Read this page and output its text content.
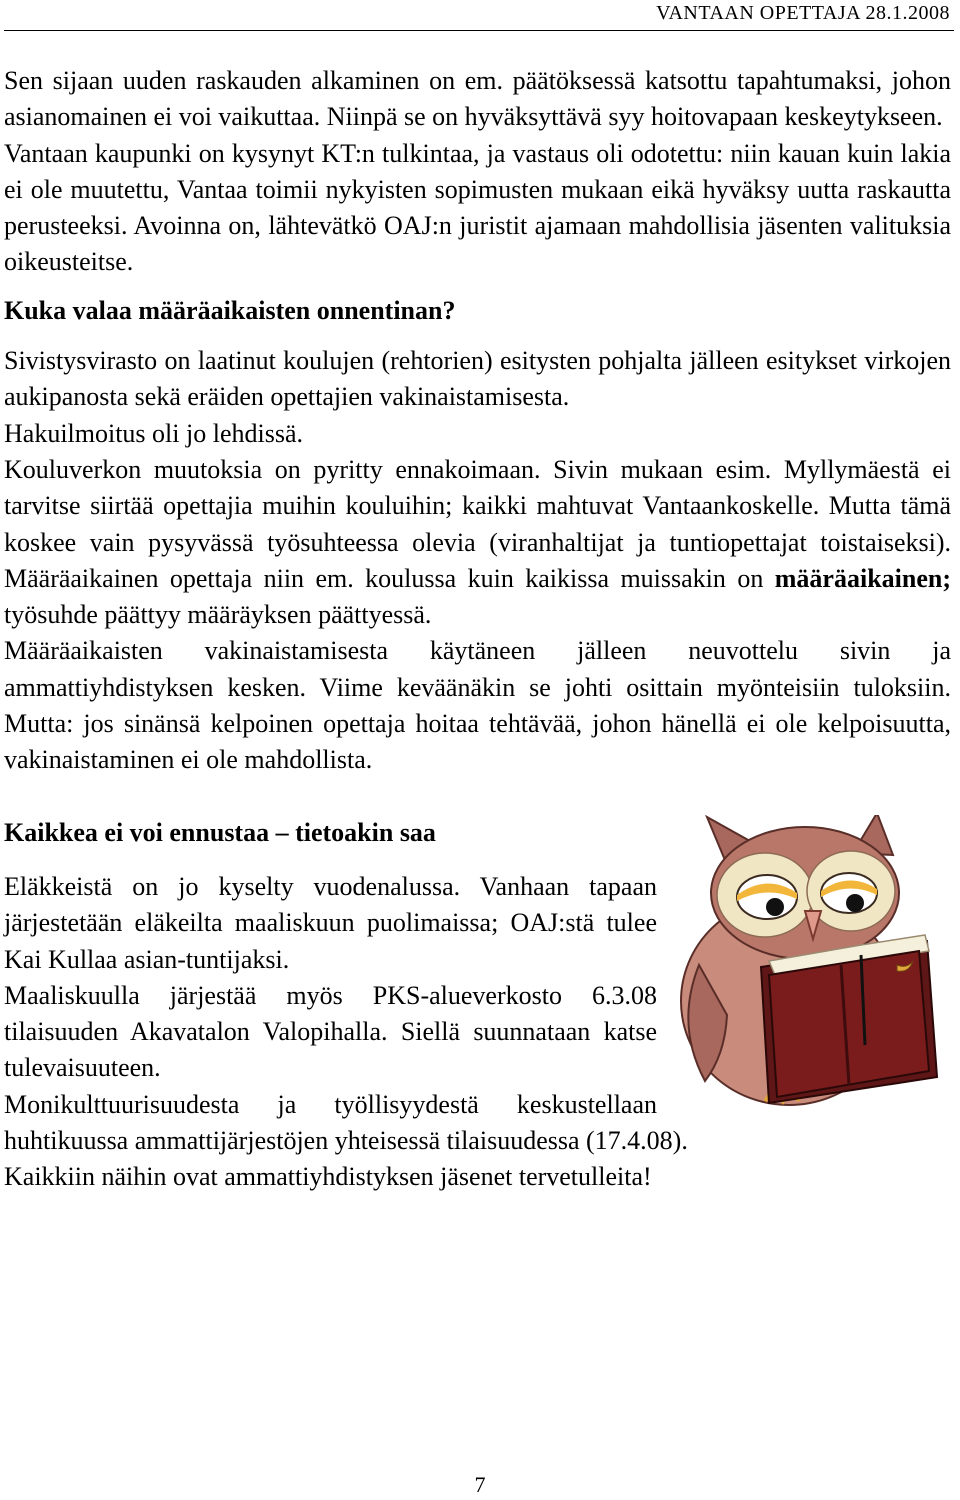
VANTAAN OPETTAJA 28.1.2008

Sen sijaan uuden raskauden alkaminen on em. päätöksessä katsottu tapahtumaksi, johon asianomainen ei voi vaikuttaa. Niinpä se on hyväksyttävä syy hoitovapaan keskeytykseen.

Vantaan kaupunki on kysynyt KT:n tulkintaa, ja vastaus oli odotettu: niin kauan kuin lakia ei ole muutettu, Vantaa toimii nykyisten sopimusten mukaan eikä hyväksy uutta raskautta perusteeksi. Avoinna on, lähtevätkö OAJ:n juristit ajamaan mahdollisia jäsenten valituksia oikeusteitse.

Kuka valaa määräaikaisten onnentinan?

Sivistysvirasto on laatinut koulujen (rehtorien) esitysten pohjalta jälleen esitykset virkojen aukipanosta sekä eräiden opettajien vakinaistamisesta.

Hakuilmoitus oli jo lehdissä.

Kouluverkon muutoksia on pyritty ennakoimaan. Sivin mukaan esim. Myllymäestä ei tarvitse siirtää opettajia muihin kouluihin; kaikki mahtuvat Vantaankoskelle. Mutta tämä koskee vain pysyvässä työsuhteessa olevia (viranhaltijat ja tuntiopettajat toistaiseksi). Määräaikainen opettaja niin em. koulussa kuin kaikissa muissakin on määräaikainen; työsuhde päättyy määräyksen päättyessä.

Määräaikaisten vakinaistamisesta käytäneen jälleen neuvottelu sivin ja ammattiyhdistyksen kesken. Viime keväänäkin se johti osittain myönteisiin tuloksiin. Mutta: jos sinänsä kelpoinen opettaja hoitaa tehtävää, johon hänellä ei ole kelpoisuutta, vakinaistaminen ei ole mahdollista.

Kaikkea ei voi ennustaa – tietoakin saa

Eläkkeistä on jo kyselty vuodenalussa. Vanhaan tapaan järjestetään eläkeilta maaliskuun puolimaissa; OAJ:stä tulee Kai Kullaa asian-tuntijaksi.

Maaliskuulla järjestää myös PKS-alueverkosto 6.3.08 tilaisuuden Akavatalon Valopihalla. Siellä suunnataan katse tulevaisuuteen.

Monikulttuurisuudesta ja työllisyydestä keskustellaan huhtikuussa ammattijärjestöjen yhteisessä tilaisuudessa (17.4.08).

Kaikkiin näihin ovat ammattiyhdistyksen jäsenet tervetulleita!

7
